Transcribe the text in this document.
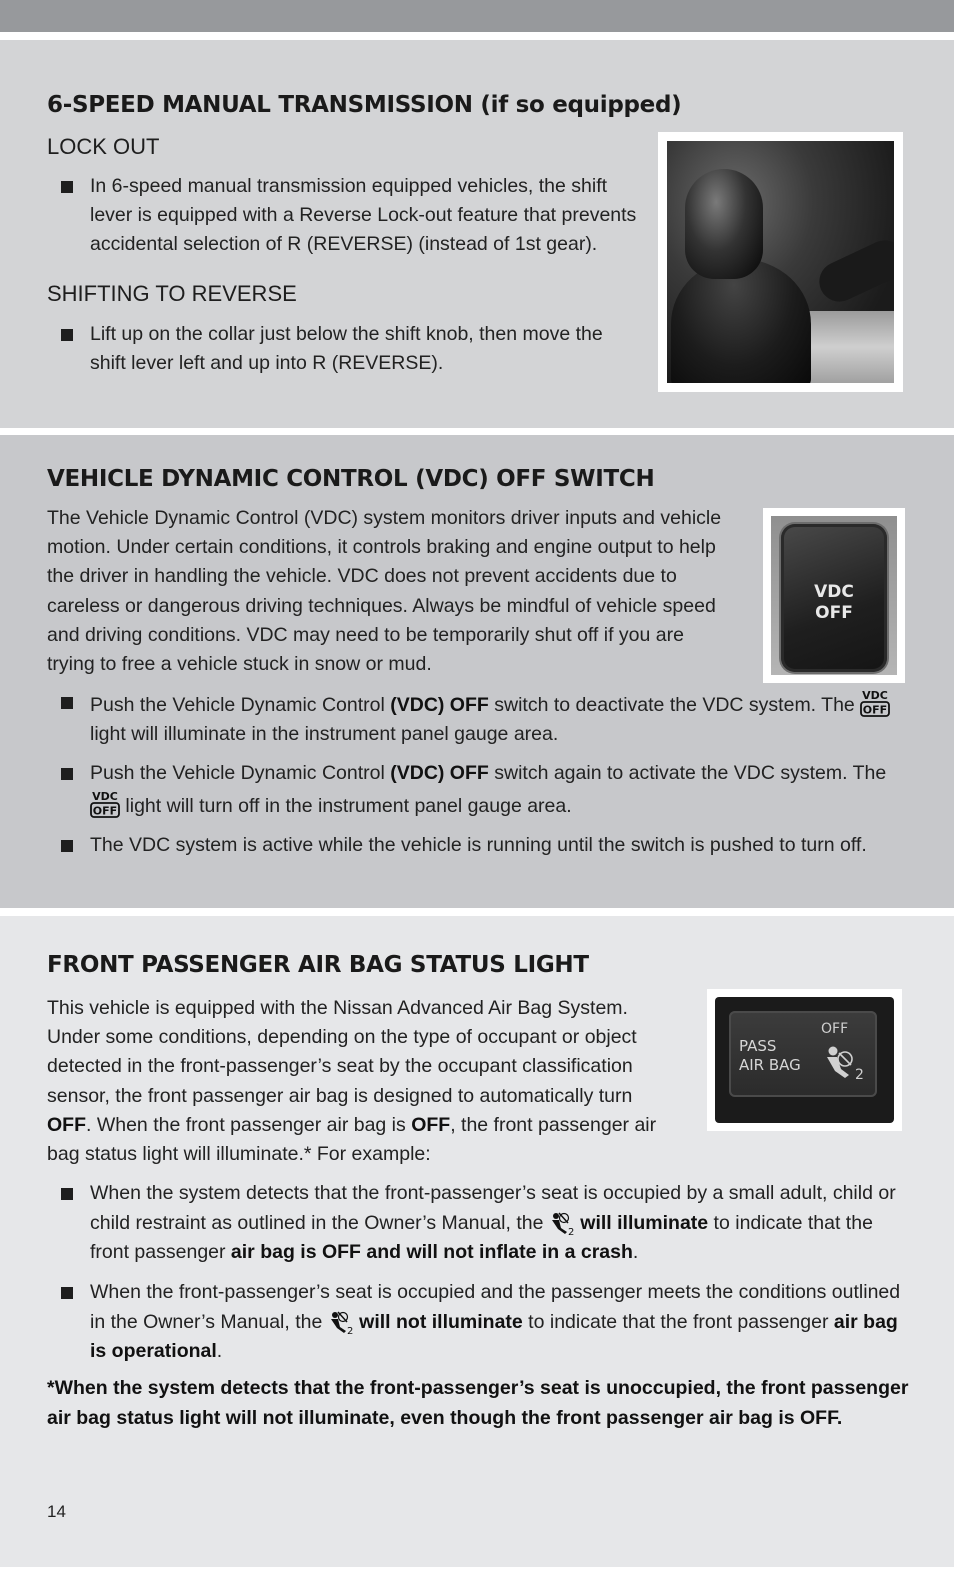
6-SPEED MANUAL TRANSMISSION (if so equipped)

LOCK OUT

In 6-speed manual transmission equipped vehicles, the shift lever is equipped with a Reverse Lock-out feature that prevents accidental selection of R (REVERSE) (instead of 1st gear).

SHIFTING TO REVERSE

Lift up on the collar just below the shift knob, then move the shift lever left and up into R (REVERSE).
VEHICLE DYNAMIC CONTROL (VDC) OFF SWITCH

The Vehicle Dynamic Control (VDC) system monitors driver inputs and vehicle motion. Under certain conditions, it controls braking and engine output to help the driver in handling the vehicle. VDC does not prevent accidents due to careless or dangerous driving techniques. Always be mindful of vehicle speed and driving conditions. VDC may need to be temporarily shut off if you are trying to free a vehicle stuck in snow or mud.

VDC
OFF
Push the Vehicle Dynamic Control (VDC) OFF switch to deactivate the VDC system. The VDC
OFF
light will illuminate in the instrument panel gauge area.
Push the Vehicle Dynamic Control (VDC) OFF switch again to activate the VDC system. The
VDC
OFF light will turn off in the instrument panel gauge area.
The VDC system is active while the vehicle is running until the switch is pushed to turn off.
FRONT PASSENGER AIR BAG STATUS LIGHT

This vehicle is equipped with the Nissan Advanced Air Bag System. Under some conditions, depending on the type of occupant or object detected in the front-passenger’s seat by the occupant classification sensor, the front passenger air bag is designed to automatically turn OFF. When the front passenger air bag is OFF, the front passenger air bag status light will illuminate.* For example:

PASS
AIR BAG
OFF
2
When the system detects that the front-passenger’s seat is occupied by a small adult, child or child restraint as outlined in the Owner’s Manual, the 2 will illuminate to indicate that the front passenger air bag is OFF and will not inflate in a crash.
When the front-passenger’s seat is occupied and the passenger meets the conditions outlined in the Owner’s Manual, the 2 will not illuminate to indicate that the front passenger air bag is operational.

*When the system detects that the front-passenger’s seat is unoccupied, the front passenger air bag status light will not illuminate, even though the front passenger air bag is OFF.

14
